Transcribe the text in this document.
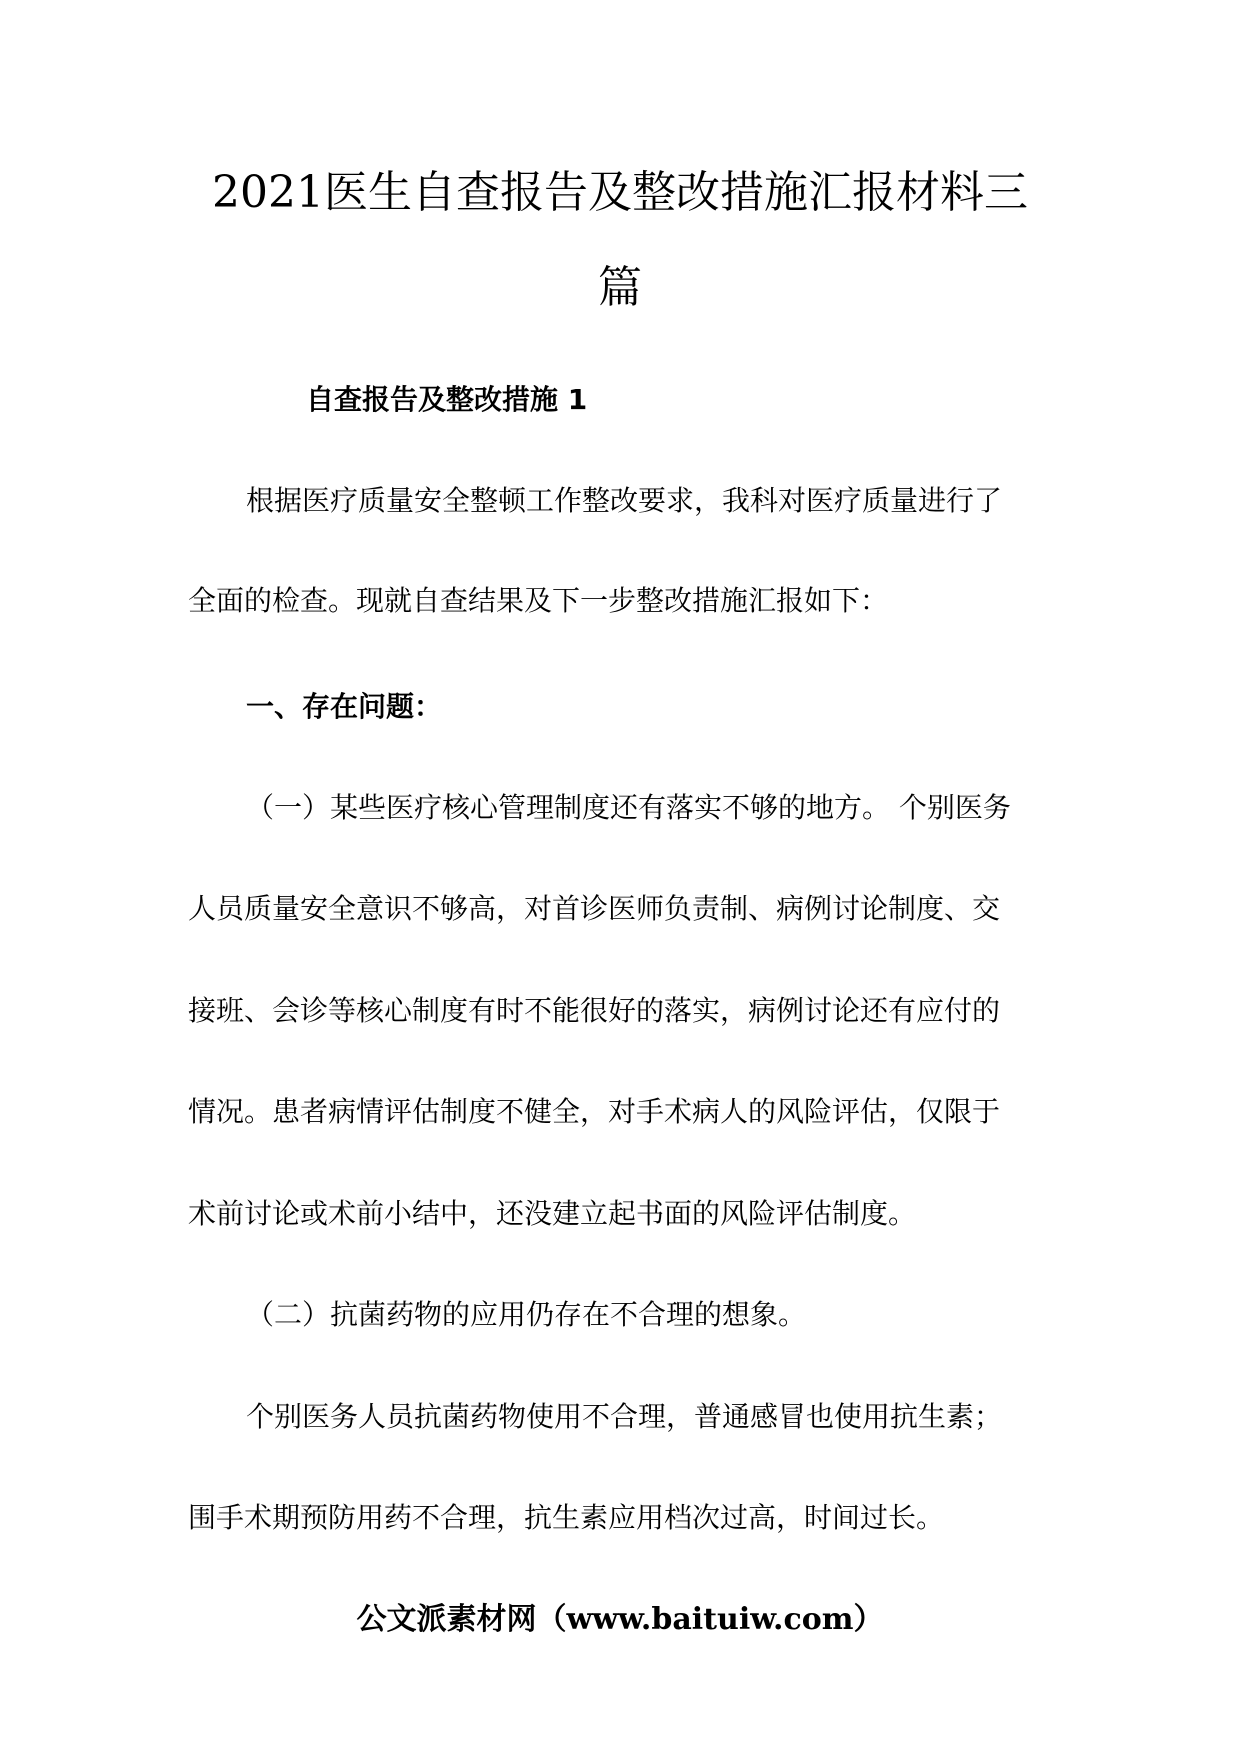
2021医生自查报告及整改措施汇报材料三
篇

自查报告及整改措施 1

根据医疗质量安全整顿工作整改要求，我科对医疗质量进行了

全面的检查。现就自查结果及下一步整改措施汇报如下：

一、存在问题：

（一）某些医疗核心管理制度还有落实不够的地方。 个别医务

人员质量安全意识不够高，对首诊医师负责制、病例讨论制度、交

接班、会诊等核心制度有时不能很好的落实，病例讨论还有应付的

情况。患者病情评估制度不健全，对手术病人的风险评估，仅限于

术前讨论或术前小结中，还没建立起书面的风险评估制度。

（二）抗菌药物的应用仍存在不合理的想象。

个别医务人员抗菌药物使用不合理，普通感冒也使用抗生素；

围手术期预防用药不合理，抗生素应用档次过高，时间过长。

公文派素材网（www.baituiw.com）
